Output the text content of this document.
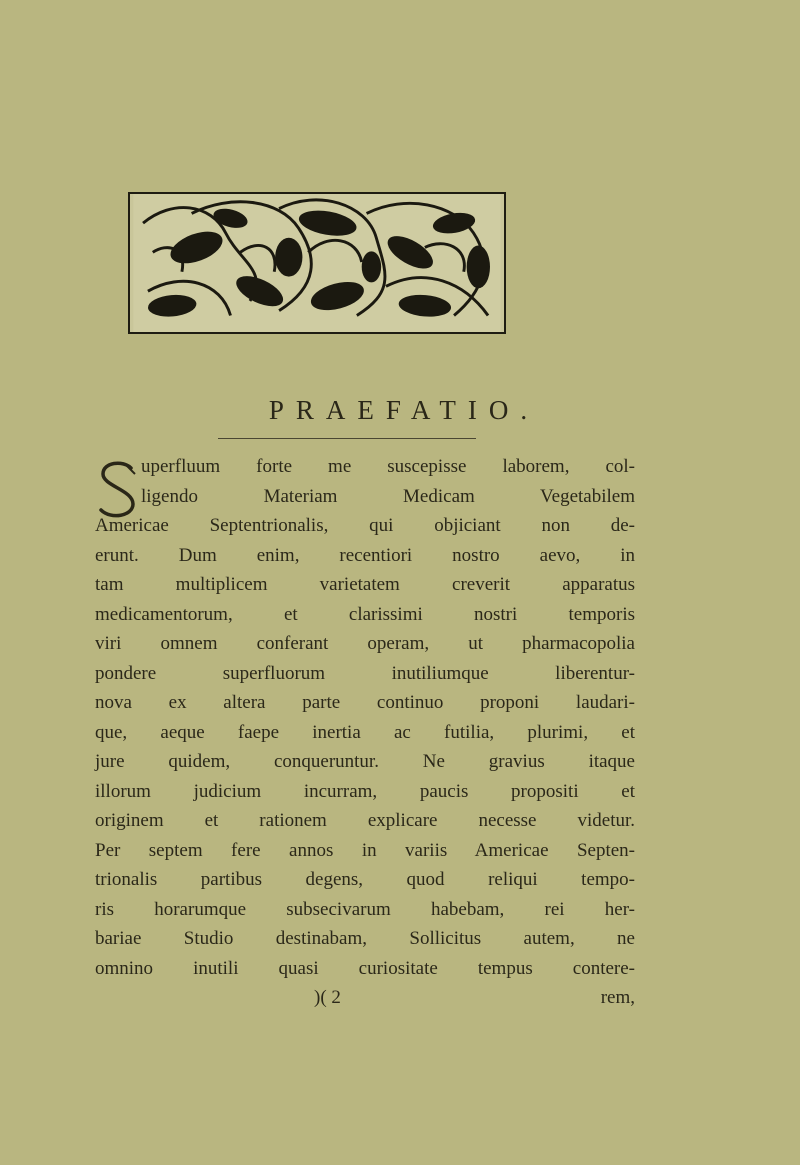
PRAEFATIO.
uperfluum forte me suscepisse laborem, col-
ligendo Materiam Medicam Vegetabilem
Americae Septentrionalis, qui objiciant non de-
erunt. Dum enim, recentiori nostro aevo, in
tam multiplicem varietatem creverit apparatus
medicamentorum, et clarissimi nostri temporis
viri omnem conferant operam, ut pharmacopolia
pondere superfluorum inutiliumque liberentur-
nova ex altera parte continuo proponi laudari-
que, aeque faepe inertia ac futilia, plurimi, et
jure quidem, conqueruntur. Ne gravius itaque
illorum judicium incurram, paucis propositi et
originem et rationem explicare necesse videtur.
Per septem fere annos in variis Americae Septen-
trionalis partibus degens, quod reliqui tempo-
ris horarumque subsecivarum habebam, rei her-
bariae Studio destinabam, Sollicitus autem, ne
omnino inutili quasi curiositate tempus contere-
)( 2	rem,
